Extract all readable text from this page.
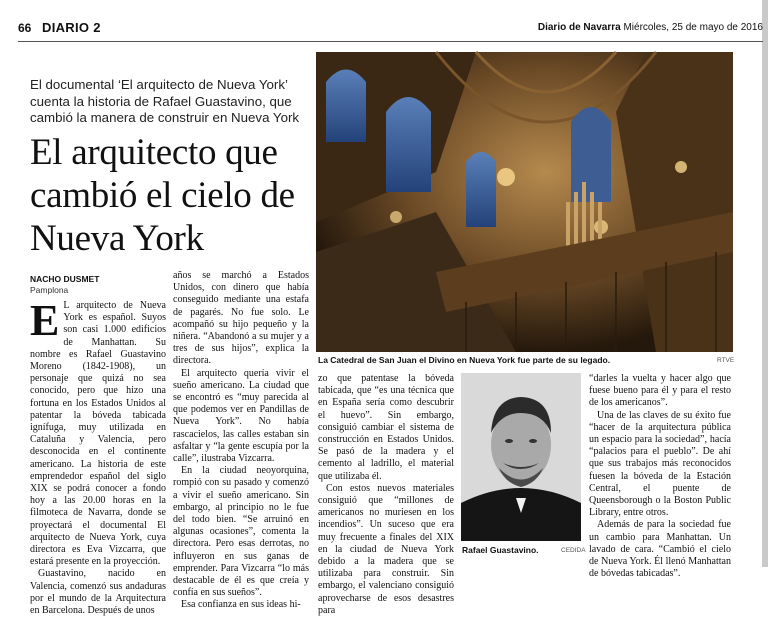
66 DIARIO 2	Diario de Navarra Miércoles, 25 de mayo de 2016
El documental ‘El arquitecto de Nueva York’ cuenta la historia de Rafael Guastavino, que cambió la manera de construir en Nueva York
El arquitecto que cambió el cielo de Nueva York
NACHO DUSMET
Pamplona

E L arquitecto de Nueva York es español. Suyos son casi 1.000 edificios de Manhattan. Su nombre es Rafael Guastavino Moreno (1842-1908), un personaje que quizá no sea conocido, pero que hizo una fortuna en los Estados Unidos al patentar la bóveda tabicada ignífuga, muy utilizada en Cataluña y Valencia, pero desconocida en el continente americano. La historia de este emprendedor español del siglo XIX se podrá conocer a fondo hoy a las 20.00 horas en la filmoteca de Navarra, donde se proyectará el documental El arquitecto de Nueva York, cuya directora es Eva Vizcarra, que estará presente en la proyección.

Guastavino, nacido en Valencia, comenzó sus andaduras por el mundo de la Arquitectura en Barcelona. Después de unos

años se marchó a Estados Unidos, con dinero que había conseguido mediante una estafa de pagarés. No fue solo. Le acompañó su hijo pequeño y la niñera. “Abandonó a su mujer y a tres de sus hijos”, explica la directora.

El arquitecto quería vivir el sueño americano. La ciudad que se encontró es “muy parecida al que podemos ver en Pandillas de Nueva York”. No había rascacielos, las calles estaban sin asfaltar y “la gente escupía por la calle”, ilustraba Vizcarra.

En la ciudad neoyorquina, rompió con su pasado y comenzó a vivir el sueño americano. Sin embargo, al principio no le fue del todo bien. “Se arruinó en algunas ocasiones”, comenta la directora. Pero esas derrotas, no influyeron en sus ganas de emprender. Para Vizcarra “lo más destacable de él es que creía y confía en sus sueños”.

Esa confianza en sus ideas hi-

La Catedral de San Juan el Divino en Nueva York fue parte de su legado.	RTVE

zo que patentase la bóveda tabicada, que “es una técnica que en España sería como descubrir el huevo”. Sin embargo, consiguió cambiar el sistema de construcción en Estados Unidos. Se pasó de la madera y el cemento al ladrillo, el material que utilizaba él.

Con estos nuevos materiales consiguió que “millones de americanos no muriesen en los incendios”. Un suceso que era muy frecuente a finales del XIX en la ciudad de Nueva York debido a la madera que se utilizaba para construir. Sin embargo, el valenciano consiguió aprovecharse de esos desastres para

Rafael Guastavino.	CEDIDA

“darles la vuelta y hacer algo que fuese bueno para él y para el resto de los americanos”.

Una de las claves de su éxito fue “hacer de la arquitectura pública un espacio para la sociedad”, hacía “palacios para el pueblo”. De ahí que sus trabajos más reconocidos fuesen la bóveda de la Estación Central, el puente de Queensborough o la Boston Public Library, entre otros.

Además de para la sociedad fue un cambio para Manhattan. Un lavado de cara. “Cambió el cielo de Nueva York. Él llenó Manhattan de bóvedas tabicadas”.
